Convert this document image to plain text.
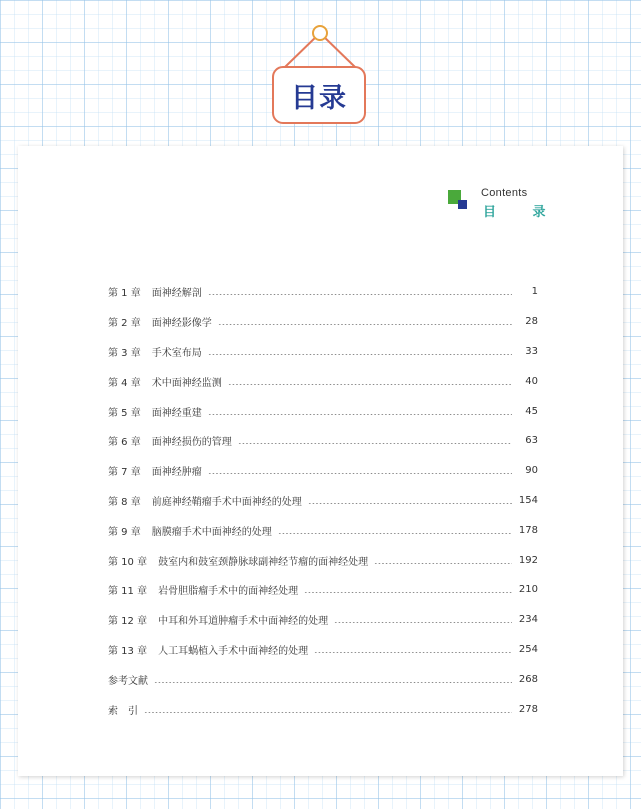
目录
Contents
目 录
第 1 章 面神经解剖	1
第 2 章 面神经影像学	28
第 3 章 手术室布局	33
第 4 章 术中面神经监测	40
第 5 章 面神经重建	45
第 6 章 面神经损伤的管理	63
第 7 章 面神经肿瘤	90
第 8 章 前庭神经鞘瘤手术中面神经的处理	154
第 9 章 脑膜瘤手术中面神经的处理	178
第 10 章 鼓室内和鼓室颈静脉球副神经节瘤的面神经处理	192
第 11 章 岩骨胆脂瘤手术中的面神经处理	210
第 12 章 中耳和外耳道肿瘤手术中面神经的处理	234
第 13 章 人工耳蜗植入手术中面神经的处理	254
参考文献	268
索　引	278
